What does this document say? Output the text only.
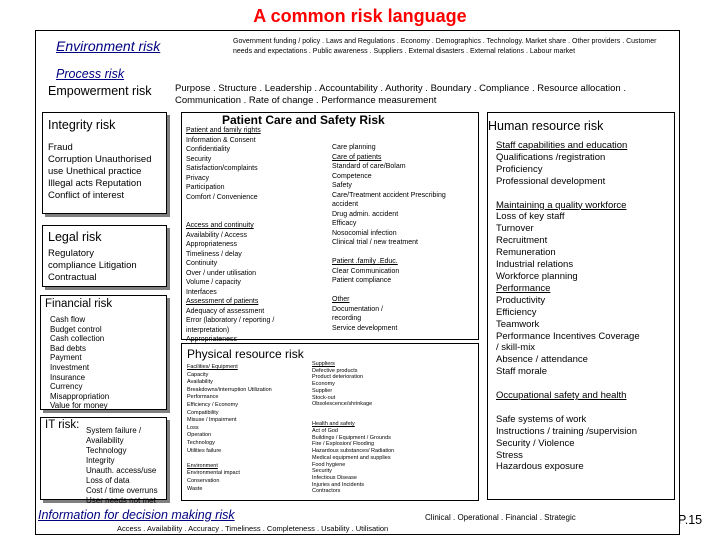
A common risk language
Environment risk	Government funding / policy . Laws and Regulations . Economy . Demographics . Technology. Market share . Other providers . Customer needs and expectations . Public awareness . Suppliers . External disasters . External relations . Labour market
Process risk
Empowerment risk Purpose . Structure . Leadership . Accountability . Authority . Boundary . Compliance . Resource allocation . Communication . Rate of change . Performance measurement
Integrity risk
Fraud
Corruption Unauthorised
use Unethical practice
Illegal acts Reputation
Conflict of interest
Legal risk
Regulatory
compliance Litigation
Contractual
Financial risk
Cash flow
Budget control
Cash collection
Bad debts
Payment
Investment
Insurance
Currency
Misappropriation
Value for money
IT risk: System failure /
Availability
Technology
Integrity
Unauth. access/use
Loss of data
Cost / time overruns
User needs not met
Patient Care and Safety Risk
Patient and family rights
Information & Consent
Confidentiality
Security
Satisfaction/complaints
Privacy
Participation
Comfort / Convenience

Access and continuity
Availability / Access
Appropriateness
Timeliness / delay
Continuity
Over / under utilisation
Volume / capacity
Interfaces
Assessment of patients
Adequacy of assessment
Error (laboratory / reporting /
interpretation)
Appropriateness
Care planning
Care of patients
Standard of care/Bolam
Competence
Safety
Care/Treatment accident Prescribing
accident
Drug admin. accident
Efficacy
Nosocomial infection
Clinical trial / new treatment

Patient .family .Educ.
Clear Communication
Patient compliance

Other
Documentation /
recording
Service development
Physical resource risk
Facilities/ Equipment
Capacity
Availability
Breakdowns/interruption Utilization
Performance
Efficiency / Economy
Compatibility
Misuse / Impairment
Loss
Operation
Technology
Utilities failure

Environment
Environmental impact
Conservation
Waste
Suppliers
Defective products
Product deterioration
Economy
Supplier
Stock-out
Obsolescence/shrinkage

Health and safety
Act of God
Buildings / Equipment / Grounds
Fire / Explosion/ Flooding
Hazardous substances/ Radiation
Medical equipment and supplies
Food hygiene
Security
Infectious Disease
Injuries and Incidents
Contractors
Human resource risk
Staff capabilities and education
Qualifications /registration
Proficiency
Professional development

Maintaining a quality workforce
Loss of key staff
Turnover
Recruitment
Remuneration
Industrial relations
Workforce planning
Performance
Productivity
Efficiency
Teamwork
Performance Incentives Coverage
/ skill-mix
Absence / attendance
Staff morale

Occupational safety and health

Safe systems of work
Instructions / training /supervision
Security / Violence
Stress
Hazardous exposure
Information for decision making risk
Access . Availability . Accuracy . Timeliness . Completeness . Usability . Utilisation
Clinical . Operational . Financial . Strategic	P.15
